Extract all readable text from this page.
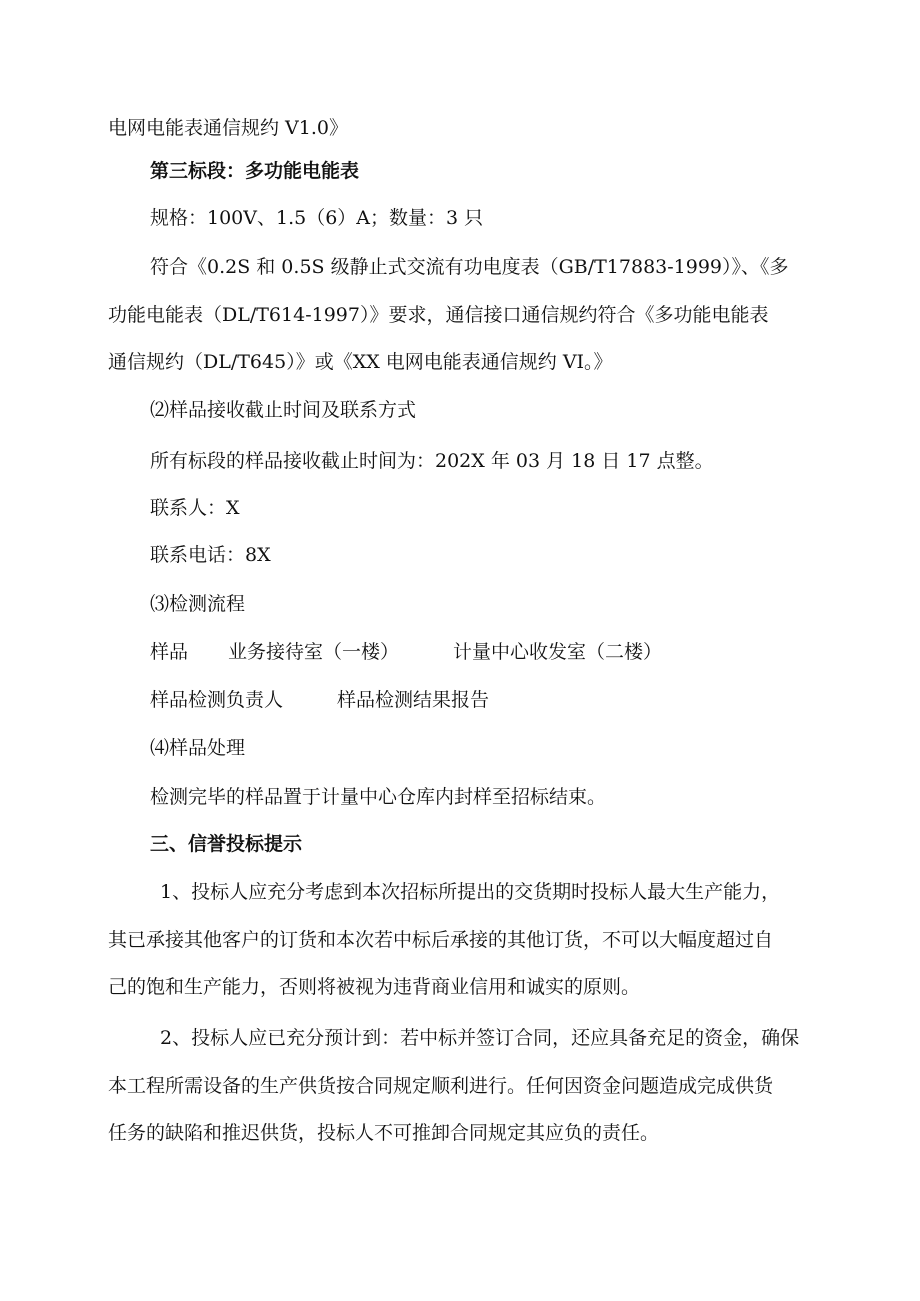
电网电能表通信规约 V1.0》
第三标段：多功能电能表
规格：100V、1.5（6）A；数量：3 只
符合《0.2S 和 0.5S 级静止式交流有功电度表（GB/T17883-1999）》、《多
功能电能表（DL/T614-1997）》要求，通信接口通信规约符合《多功能电能表
通信规约（DL/T645）》或《XX 电网电能表通信规约 VI。》
⑵样品接收截止时间及联系方式
所有标段的样品接收截止时间为：202X 年 03 月 18 日 17 点整。
联系人：X
联系电话：8X
⑶检测流程
样品 业务接待室（一楼）	计量中心收发室（二楼）
样品检测负责人	样品检测结果报告
⑷样品处理
检测完毕的样品置于计量中心仓库内封样至招标结束。
三、信誉投标提示
1、投标人应充分考虑到本次招标所提出的交货期时投标人最大生产能力，
其已承接其他客户的订货和本次若中标后承接的其他订货，不可以大幅度超过自
己的饱和生产能力，否则将被视为违背商业信用和诚实的原则。
2、投标人应已充分预计到：若中标并签订合同，还应具备充足的资金，确保
本工程所需设备的生产供货按合同规定顺利进行。任何因资金问题造成完成供货
任务的缺陷和推迟供货，投标人不可推卸合同规定其应负的责任。
